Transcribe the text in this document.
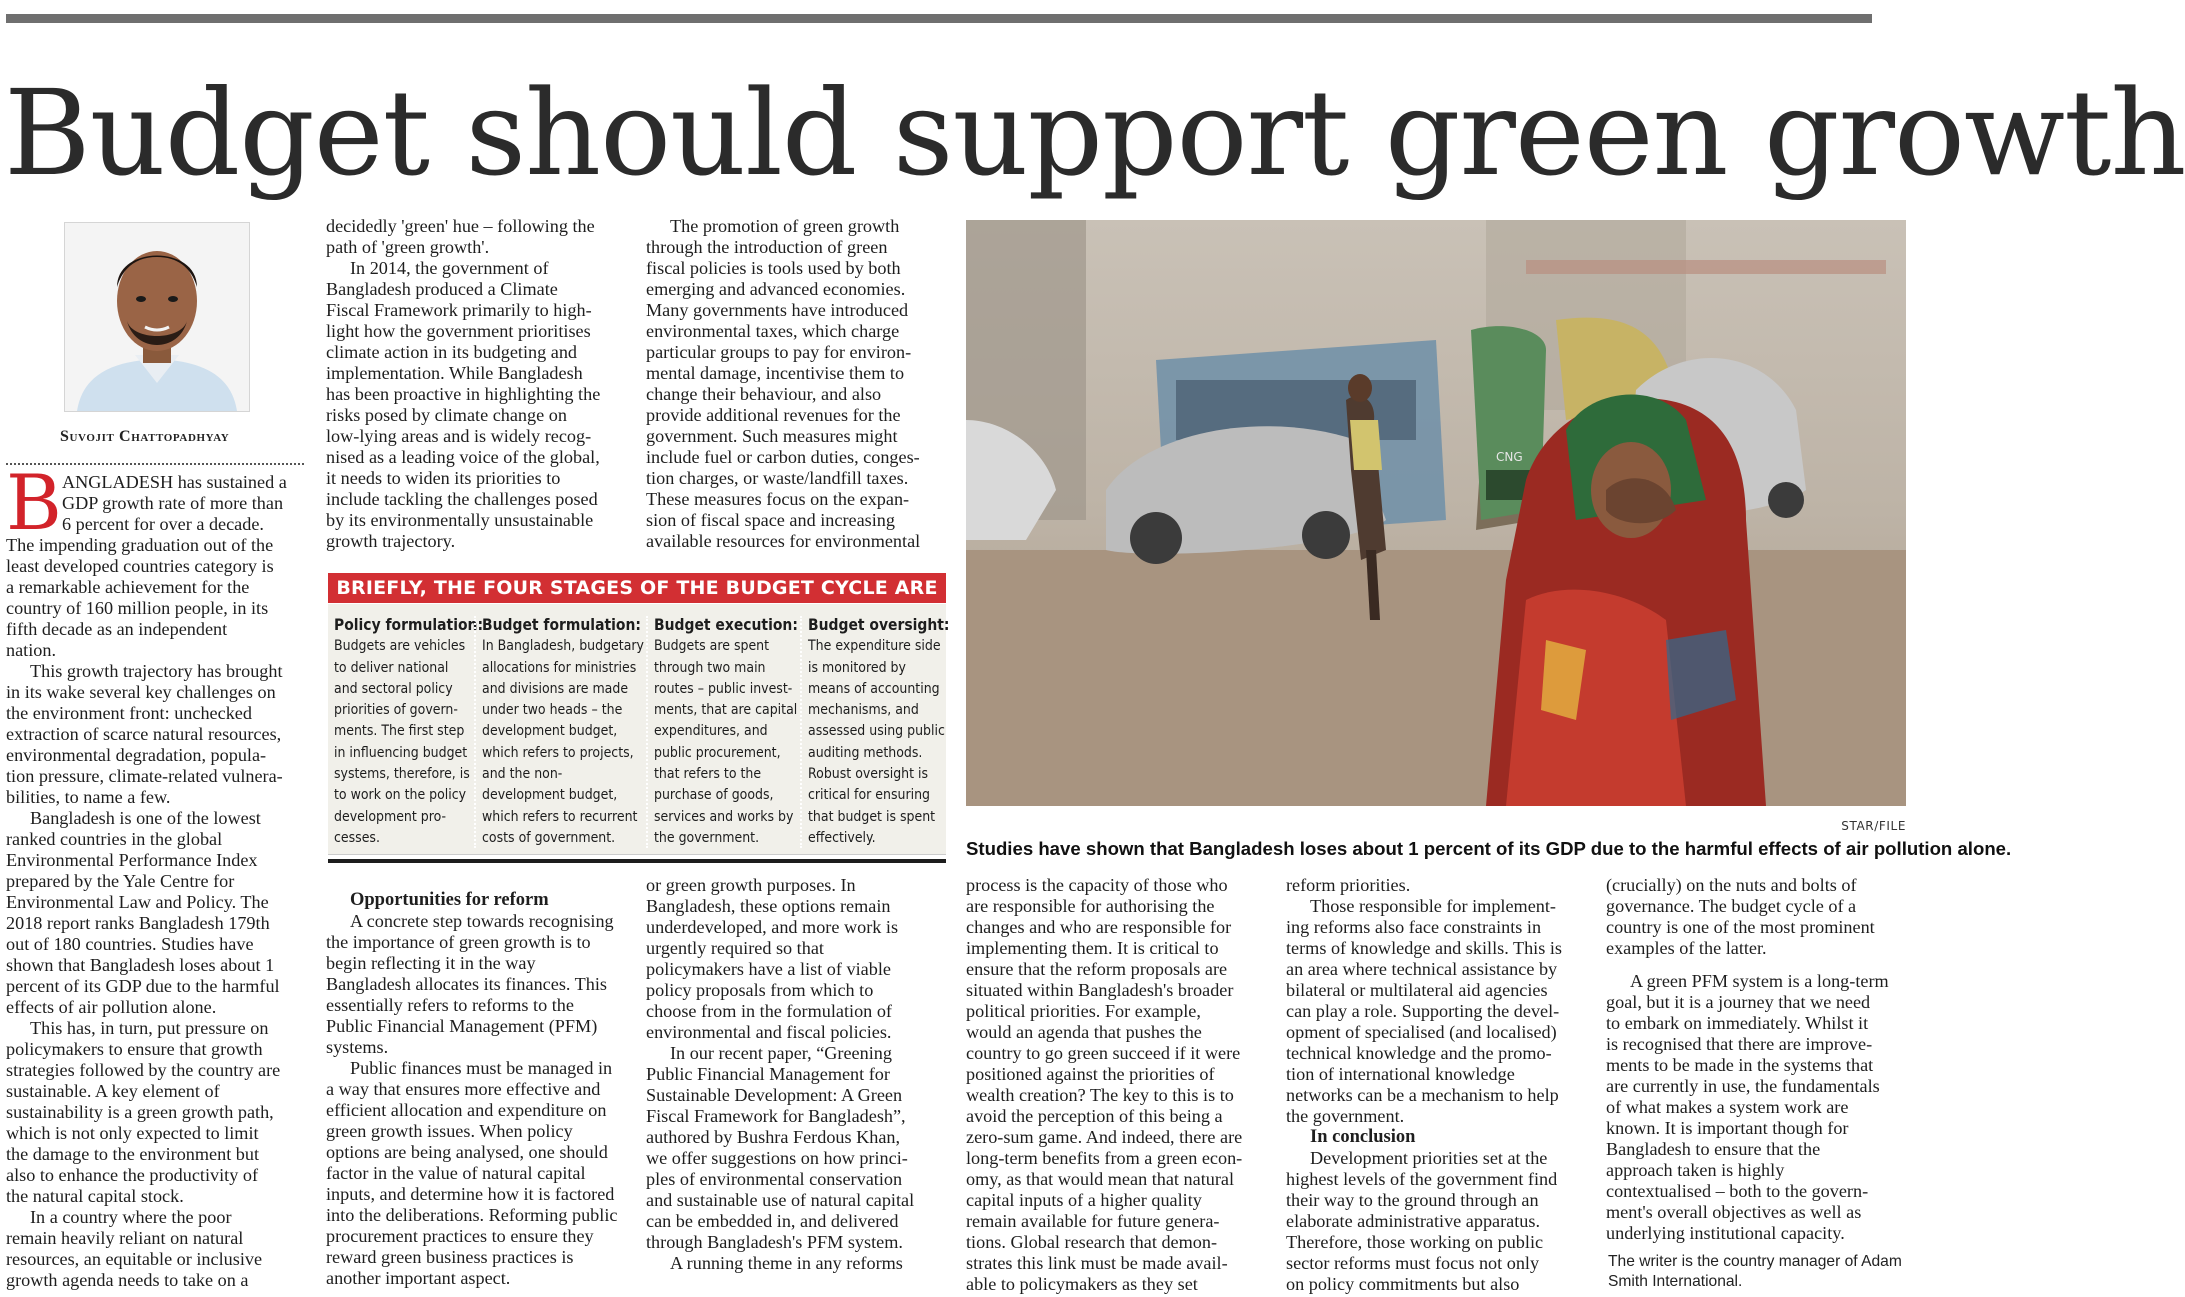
Budget should support green growth
Suvojit Chattopadhyay
B ANGLADESH has sustained a

GDP growth rate of more than

6 percent for over a decade.

The impending graduation out of the

least developed countries category is

a remarkable achievement for the

country of 160 million people, in its

fifth decade as an independent

nation.

This growth trajectory has brought

in its wake several key challenges on

the environment front: unchecked

extraction of scarce natural resources,

environmental degradation, popula-

tion pressure, climate-related vulnera-

bilities, to name a few.

Bangladesh is one of the lowest

ranked countries in the global

Environmental Performance Index

prepared by the Yale Centre for

Environmental Law and Policy. The

2018 report ranks Bangladesh 179th

out of 180 countries. Studies have

shown that Bangladesh loses about 1

percent of its GDP due to the harmful

effects of air pollution alone.

This has, in turn, put pressure on

policymakers to ensure that growth

strategies followed by the country are

sustainable. A key element of

sustainability is a green growth path,

which is not only expected to limit

the damage to the environment but

also to enhance the productivity of

the natural capital stock.

In a country where the poor

remain heavily reliant on natural

resources, an equitable or inclusive

growth agenda needs to take on a

decidedly 'green' hue – following the

path of 'green growth'.

In 2014, the government of

Bangladesh produced a Climate

Fiscal Framework primarily to high-

light how the government prioritises

climate action in its budgeting and

implementation. While Bangladesh

has been proactive in highlighting the

risks posed by climate change on

low-lying areas and is widely recog-

nised as a leading voice of the global,

it needs to widen its priorities to

include tackling the challenges posed

by its environmentally unsustainable

growth trajectory.

The promotion of green growth

through the introduction of green

fiscal policies is tools used by both

emerging and advanced economies.

Many governments have introduced

environmental taxes, which charge

particular groups to pay for environ-

mental damage, incentivise them to

change their behaviour, and also

provide additional revenues for the

government. Such measures might

include fuel or carbon duties, conges-

tion charges, or waste/landfill taxes.

These measures focus on the expan-

sion of fiscal space and increasing

available resources for environmental

BRIEFLY, THE FOUR STAGES OF THE BUDGET CYCLE ARE
Policy formulation:
Budgets are vehicles
to deliver national
and sectoral policy
priorities of govern-
ments. The first step
in influencing budget
systems, therefore, is
to work on the policy
development pro-
cesses.
Budget formulation:
In Bangladesh, budgetary
allocations for ministries
and divisions are made
under two heads – the
development budget,
which refers to projects,
and the non-
development budget,
which refers to recurrent
costs of government.
Budget execution:
Budgets are spent
through two main
routes – public invest-
ments, that are capital
expenditures, and
public procurement,
that refers to the
purchase of goods,
services and works by
the government.
Budget oversight:
The expenditure side
is monitored by
means of accounting
mechanisms, and
assessed using public
auditing methods.
Robust oversight is
critical for ensuring
that budget is spent
effectively.
CNG
STAR/FILE
Studies have shown that Bangladesh loses about 1 percent of its GDP due to the harmful effects of air pollution alone.

Opportunities for reform

A concrete step towards recognising

the importance of green growth is to

begin reflecting it in the way

Bangladesh allocates its finances. This

essentially refers to reforms to the

Public Financial Management (PFM)

systems.

Public finances must be managed in

a way that ensures more effective and

efficient allocation and expenditure on

green growth issues. When policy

options are being analysed, one should

factor in the value of natural capital

inputs, and determine how it is factored

into the deliberations. Reforming public

procurement practices to ensure they

reward green business practices is

another important aspect.

or green growth purposes. In

Bangladesh, these options remain

underdeveloped, and more work is

urgently required so that

policymakers have a list of viable

policy proposals from which to

choose from in the formulation of

environmental and fiscal policies.

In our recent paper, “Greening

Public Financial Management for

Sustainable Development: A Green

Fiscal Framework for Bangladesh”,

authored by Bushra Ferdous Khan,

we offer suggestions on how princi-

ples of environmental conservation

and sustainable use of natural capital

can be embedded in, and delivered

through Bangladesh's PFM system.

A running theme in any reforms

process is the capacity of those who

are responsible for authorising the

changes and who are responsible for

implementing them. It is critical to

ensure that the reform proposals are

situated within Bangladesh's broader

political priorities. For example,

would an agenda that pushes the

country to go green succeed if it were

positioned against the priorities of

wealth creation? The key to this is to

avoid the perception of this being a

zero-sum game. And indeed, there are

long-term benefits from a green econ-

omy, as that would mean that natural

capital inputs of a higher quality

remain available for future genera-

tions. Global research that demon-

strates this link must be made avail-

able to policymakers as they set

reform priorities.

Those responsible for implement-

ing reforms also face constraints in

terms of knowledge and skills. This is

an area where technical assistance by

bilateral or multilateral aid agencies

can play a role. Supporting the devel-

opment of specialised (and localised)

technical knowledge and the promo-

tion of international knowledge

networks can be a mechanism to help

the government.

In conclusion

Development priorities set at the

highest levels of the government find

their way to the ground through an

elaborate administrative apparatus.

Therefore, those working on public

sector reforms must focus not only

on policy commitments but also

(crucially) on the nuts and bolts of

governance. The budget cycle of a

country is one of the most prominent

examples of the latter.

A green PFM system is a long-term

goal, but it is a journey that we need

to embark on immediately. Whilst it

is recognised that there are improve-

ments to be made in the systems that

are currently in use, the fundamentals

of what makes a system work are

known. It is important though for

Bangladesh to ensure that the

approach taken is highly

contextualised – both to the govern-

ment's overall objectives as well as

underlying institutional capacity.

The writer is the country manager of Adam Smith International.
